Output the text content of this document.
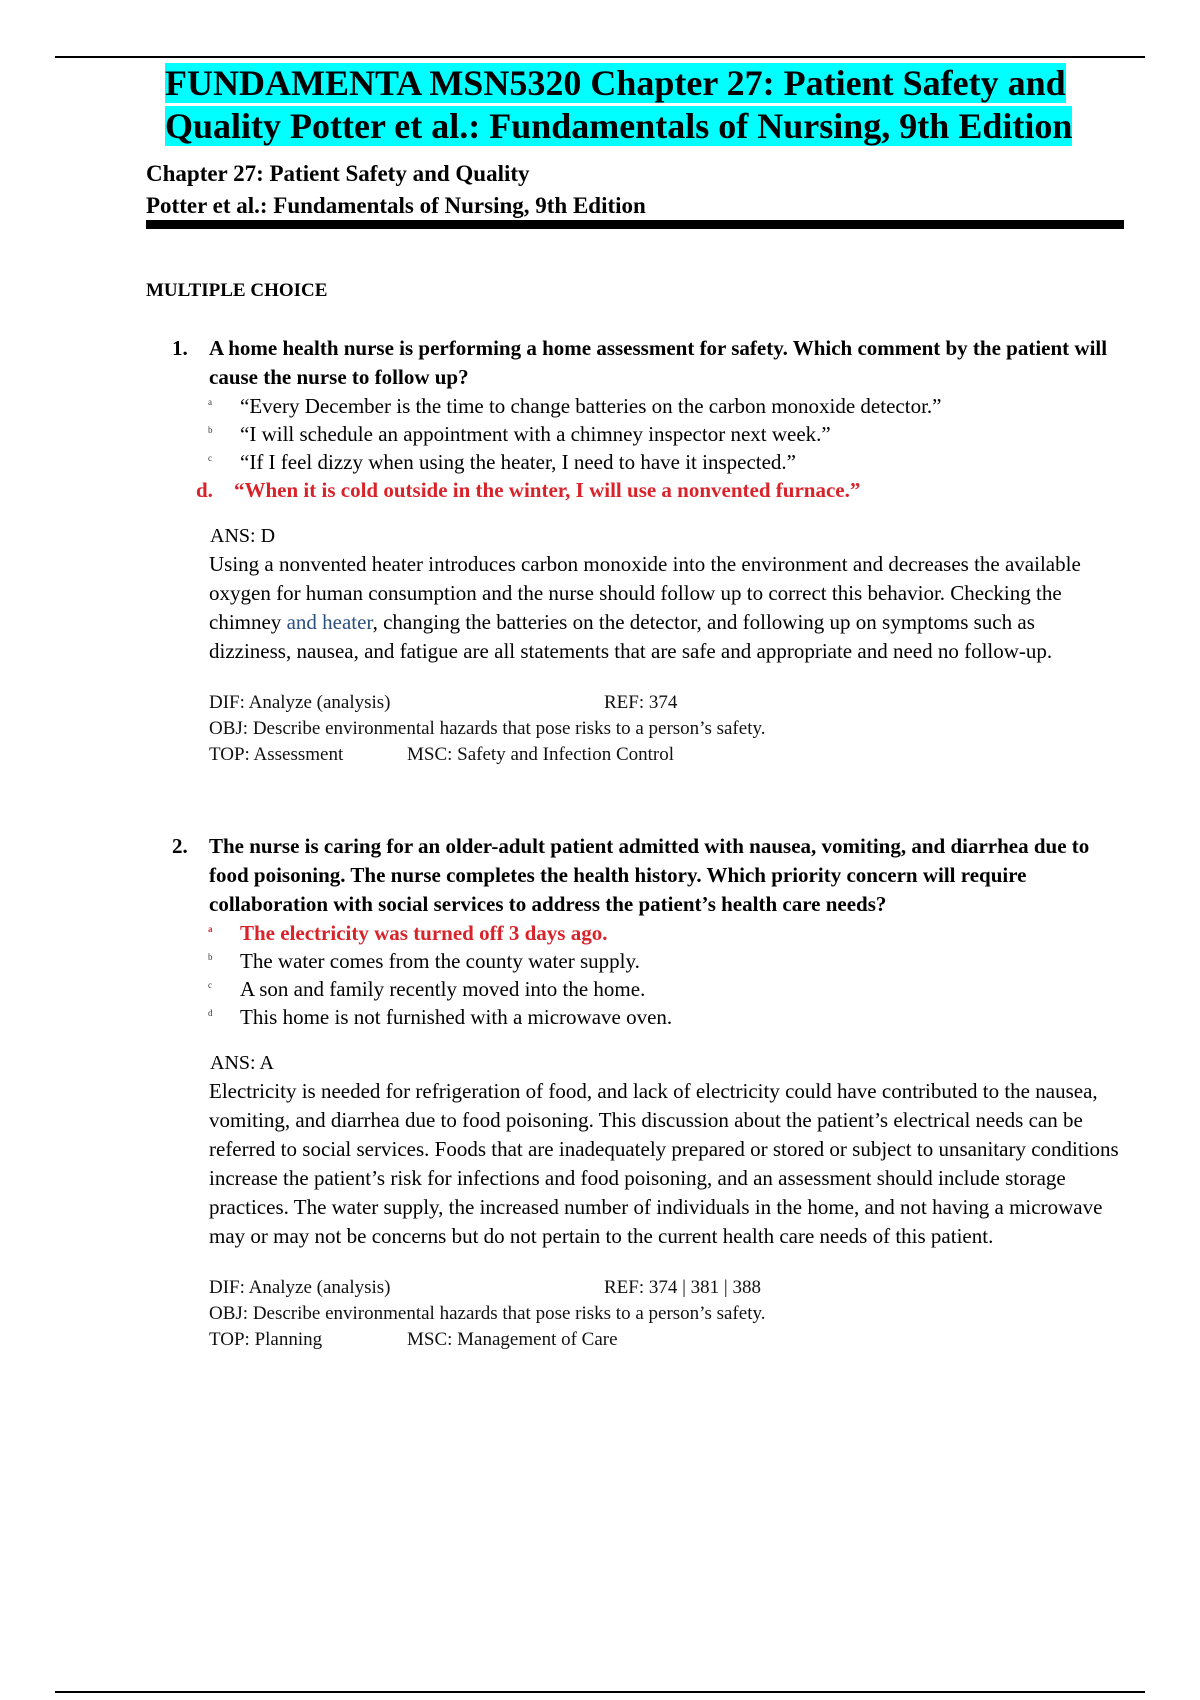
FUNDAMENTA MSN5320 Chapter 27: Patient Safety and
Quality Potter et al.: Fundamentals of Nursing, 9th Edition
Chapter 27: Patient Safety and Quality
Potter et al.: Fundamentals of Nursing, 9th Edition
MULTIPLE CHOICE
1. A home health nurse is performing a home assessment for safety. Which comment by the patient will cause the nurse to follow up?
a “Every December is the time to change batteries on the carbon monoxide detector.”
b “I will schedule an appointment with a chimney inspector next week.”
c “If I feel dizzy when using the heater, I need to have it inspected.”
d. “When it is cold outside in the winter, I will use a nonvented furnace.”
ANS: D
Using a nonvented heater introduces carbon monoxide into the environment and decreases the available oxygen for human consumption and the nurse should follow up to correct this behavior. Checking the chimney and heater, changing the batteries on the detector, and following up on symptoms such as dizziness, nausea, and fatigue are all statements that are safe and appropriate and need no follow-up.
DIF: Analyze (analysis)	REF: 374
OBJ: Describe environmental hazards that pose risks to a person’s safety.
TOP: Assessment	MSC: Safety and Infection Control
2. The nurse is caring for an older-adult patient admitted with nausea, vomiting, and diarrhea due to food poisoning. The nurse completes the health history. Which priority concern will require collaboration with social services to address the patient’s health care needs?
a The electricity was turned off 3 days ago.
b The water comes from the county water supply.
c A son and family recently moved into the home.
d This home is not furnished with a microwave oven.
ANS: A
Electricity is needed for refrigeration of food, and lack of electricity could have contributed to the nausea, vomiting, and diarrhea due to food poisoning. This discussion about the patient’s electrical needs can be referred to social services. Foods that are inadequately prepared or stored or subject to unsanitary conditions increase the patient’s risk for infections and food poisoning, and an assessment should include storage practices. The water supply, the increased number of individuals in the home, and not having a microwave may or may not be concerns but do not pertain to the current health care needs of this patient.
DIF: Analyze (analysis)	REF: 374 | 381 | 388
OBJ: Describe environmental hazards that pose risks to a person’s safety.
TOP: Planning	MSC: Management of Care
